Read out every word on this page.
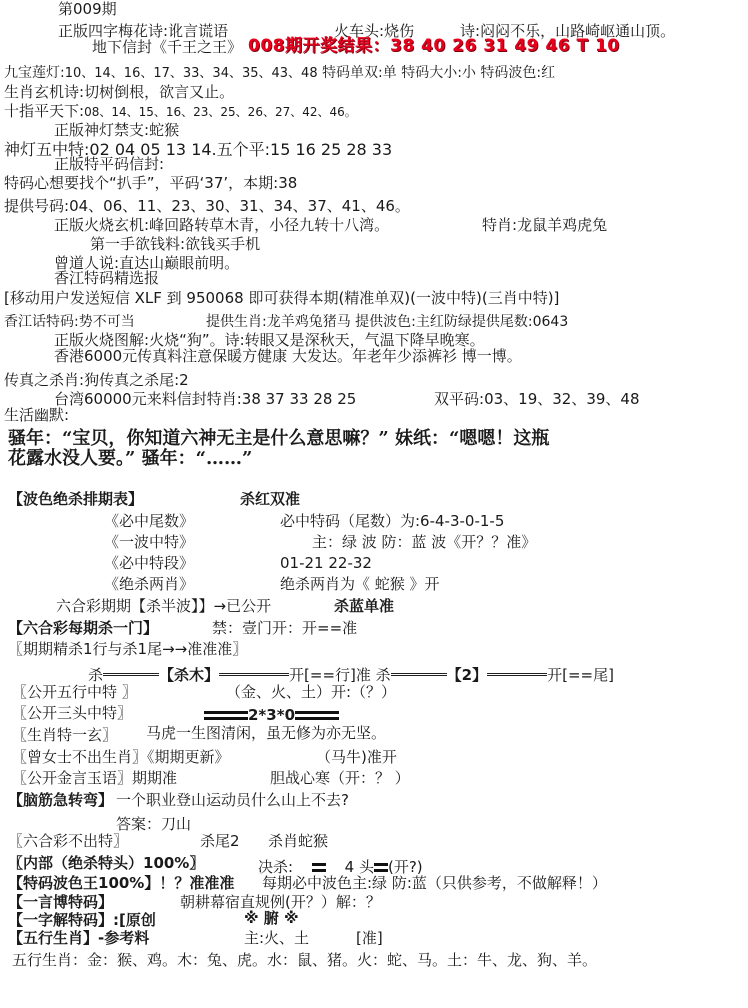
第009期
正版四字梅花诗:讹言谎语	火车头:烧伤	诗:闷闷不乐，山路崎岖通山顶。
地下信封《千王之王》 008期开奖结果：38 40 26 31 49 46 T 10
九宝莲灯:10、14、16、17、33、34、35、43、48 特码单双:单 特码大小:小 特码波色:红
生肖玄机诗:切树倒根，欲言又止。
十指平天下:08、14、15、16、23、25、26、27、42、46。
正版神灯禁支:蛇猴
神灯五中特:02 04 05 13 14.五个平:15 16 25 28 33
正版特平码信封:
特码心想要找个“扒手”，平码‘37’，本期:38
提供号码:04、06、11、23、30、31、34、37、41、46。
正版火烧玄机:峰回路转草木青，小径九转十八湾。	特肖:龙鼠羊鸡虎兔
第一手欲钱料:欲钱买手机
曾道人说:直达山巅眼前明。
香江特码精选报
[移动用户发送短信 XLF 到 950068 即可获得本期(精准单双)(一波中特)(三肖中特)]
香江话特码:势不可当	提供生肖:龙羊鸡兔猪马 提供波色:主红防绿提供尾数:0643
正版火烧图解:火烧“狗”。诗:转眼又是深秋天，气温下降早晚寒。
香港6000元传真料注意保暖方健康 大发达。年老年少添裤衫 博一博。
传真之杀肖:狗传真之杀尾:2
台湾60000元来料信封特肖:38 37 33 28 25	双平码:03、19、32、39、48
生活幽默:
骚年：“宝贝，你知道六神无主是什么意思嘛？” 妹纸：“嗯嗯！这瓶
花露水没人要。” 骚年：“……”
【波色绝杀排期表】	杀红双准
《必中尾数》	必中特码（尾数）为:6-4-3-0-1-5
《一波中特》	主：绿 波 防：蓝 波《开？？准》
《必中特段》	01-21 22-32
《绝杀两肖》	绝杀两肖为《 蛇猴 》开
六合彩期期【杀半波】】→已公开	杀蓝单准
【六合彩每期杀一门】	禁：壹门开：开==准
〖期期精杀1行与杀1尾→→准准准〗
杀	【杀木】	开[==行]准 杀	【2】	开[==尾]
〖公开五行中特 〗	（金、火、土）开:（？）
〖公开三头中特〗	2*3*0
〖生肖特一玄〗 马虎一生图清闲，虽无修为亦无坚。
〖曾女士不出生肖〗《期期更新》	（马牛)准开
〖公开金言玉语〗期期准	胆战心寒（开：？ ）
【脑筋急转弯】 一个职业登山运动员什么山上不去?
答案：刀山
〖六合彩不出特〗	杀尾2 杀肖蛇猴
〖内部（绝杀特头）100%〗	决杀:	4 头 (开?)
【特码波色王100%】！？准准准 每期必中波色主:绿 防:蓝（只供参考，不做解释！）
【一言博特码】	朝耕幕宿直规例(开？）解：？
【一字解特码】:[原创	※ 腑 ※
【五行生肖】-参考料	主:火、土	[准]
五行生肖：金：猴、鸡。木：兔、虎。水：鼠、猪。火：蛇、马。土：牛、龙、狗、羊。
